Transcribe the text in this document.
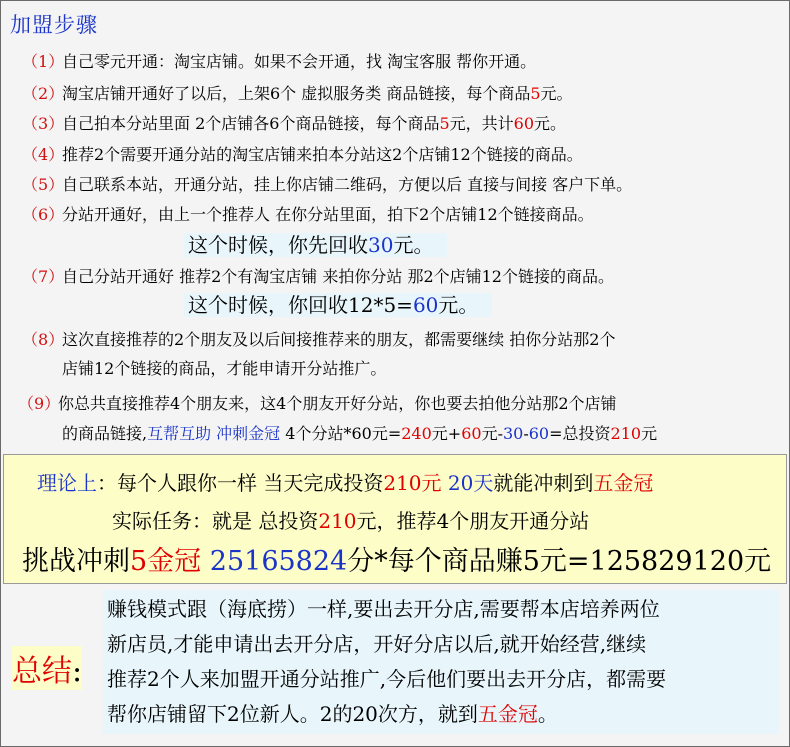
加盟步骤
（1）
自己零元开通：淘宝店铺。如果不会开通，找 淘宝客服 帮你开通。
（2）
淘宝店铺开通好了以后，上架6个 虚拟服务类 商品链接，每个商品5元。
（3）
自己拍本分站里面 2个店铺各6个商品链接，每个商品5元，共计60元。
（4）
推荐2个需要开通分站的淘宝店铺来拍本分站这2个店铺12个链接的商品。
（5）
自己联系本站，开通分站，挂上你店铺二维码，方便以后 直接与间接 客户下单。
（6）
分站开通好，由上一个推荐人 在你分站里面，拍下2个店铺12个链接商品。
这个时候，你先回收30元。
（7）
自己分站开通好 推荐2个有淘宝店铺 来拍你分站 那2个店铺12个链接的商品。
这个时候，你回收12*5=60元。
（8）
这次直接推荐的2个朋友及以后间接推荐来的朋友，都需要继续 拍你分站那2个
店铺12个链接的商品，才能申请开分站推广。
（9）
你总共直接推荐4个朋友来，这4个朋友开好分站，你也要去拍他分站那2个店铺
的商品链接,互帮互助 冲刺金冠 4个分站*60元=240元+60元-30-60=总投资210元
理论上：每个人跟你一样 当天完成投资210元 20天就能冲刺到五金冠
实际任务：就是 总投资210元，推荐4个朋友开通分站
挑战冲刺5金冠 25165824分*每个商品赚5元=125829120元
总结:
赚钱模式跟（海底捞）一样,要出去开分店,需要帮本店培养两位
新店员,才能申请出去开分店，开好分店以后,就开始经营,继续
推荐2个人来加盟开通分站推广,今后他们要出去开分店，都需要
帮你店铺留下2位新人。2的20次方，就到五金冠。
